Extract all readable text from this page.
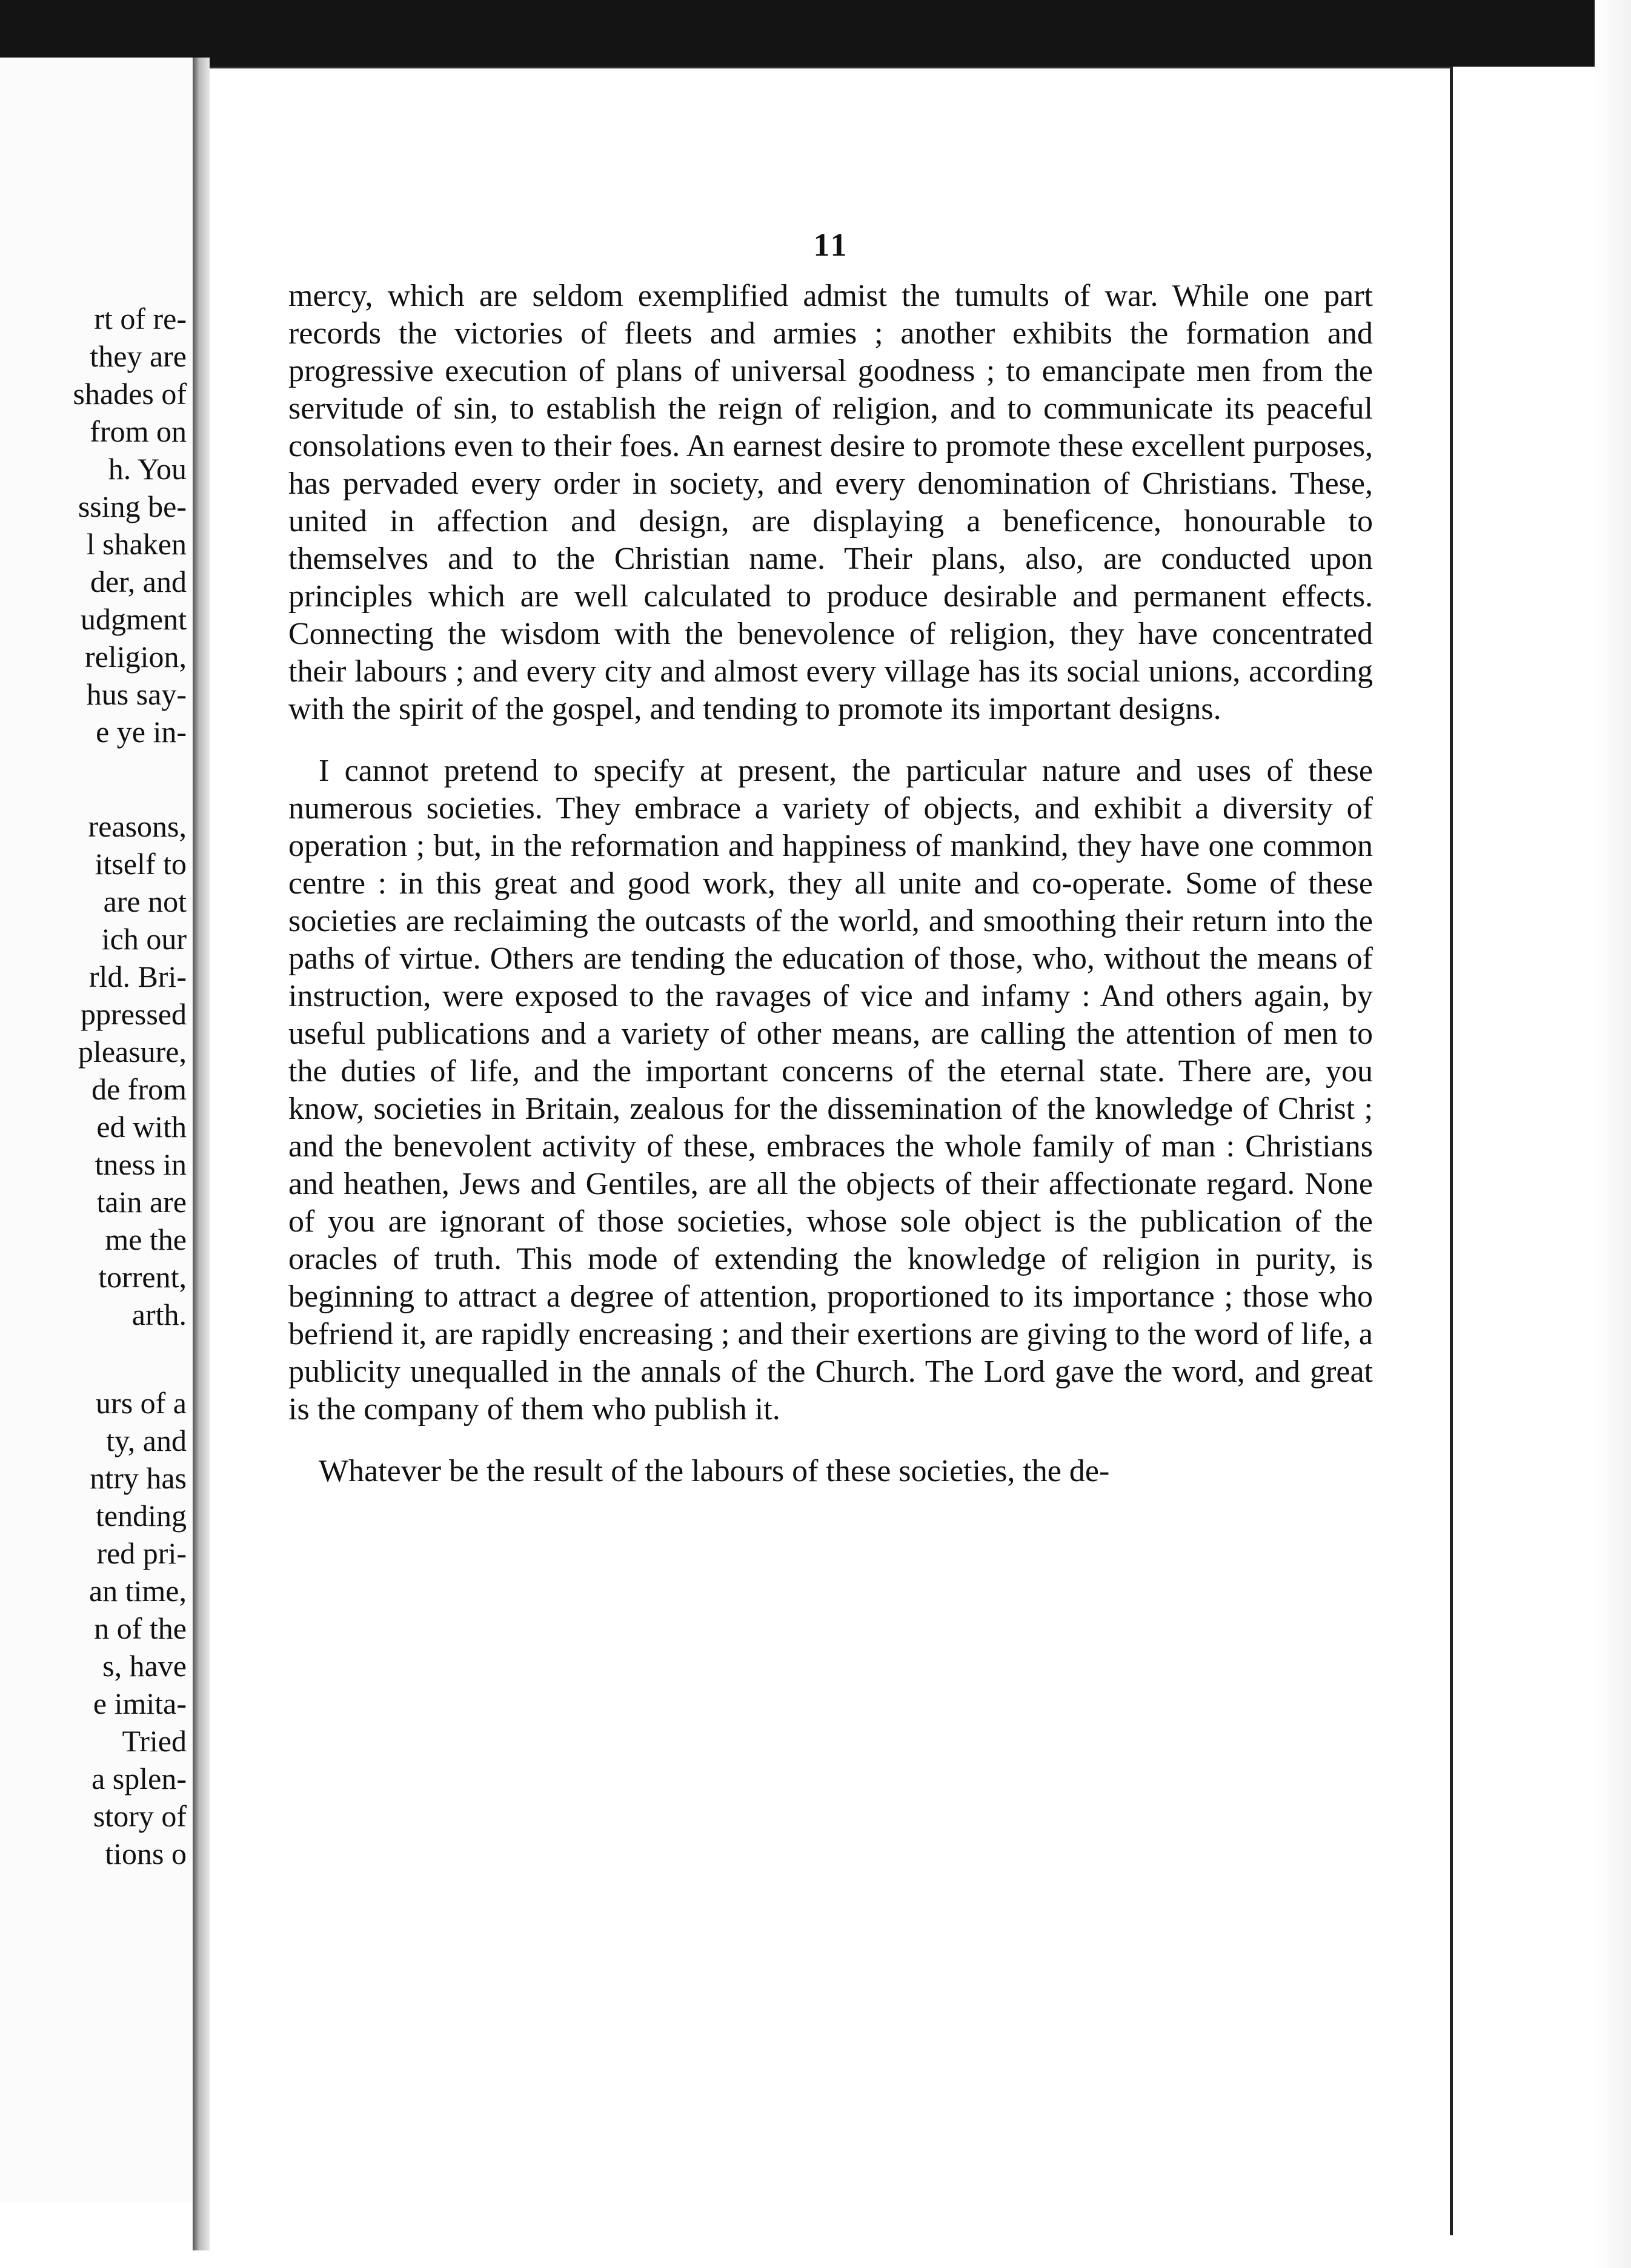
rt of re-
they are
shades of
from on
h. You
ssing be-
l shaken
der, and
udgment
religion,
hus say-
e ye in-
reasons,
itself to
are not
ich our
rld. Bri-
ppressed
pleasure,
de from
ed with
tness in
tain are
me the
torrent,
arth.
urs of a
ty, and
ntry has
tending
red pri-
an time,
n of the
s, have
e imita-
Tried
a splen-
story of
tions o
11

mercy, which are seldom exemplified admist the tumults of war. While one part records the victories of fleets and armies ; another exhibits the formation and progressive execution of plans of universal goodness ; to emancipate men from the servitude of sin, to establish the reign of religion, and to communicate its peaceful consolations even to their foes. An earnest desire to promote these excellent purposes, has pervaded every order in society, and every denomination of Christians. These, united in affection and design, are displaying a beneficence, honourable to themselves and to the Christian name. Their plans, also, are conducted upon principles which are well calculated to produce desirable and permanent effects. Connecting the wisdom with the benevolence of religion, they have concentrated their labours ; and every city and almost every village has its social unions, according with the spirit of the gospel, and tending to promote its important designs.

I cannot pretend to specify at present, the particular nature and uses of these numerous societies. They embrace a variety of objects, and exhibit a diversity of operation ; but, in the reformation and happiness of mankind, they have one common centre : in this great and good work, they all unite and co-operate. Some of these societies are reclaiming the outcasts of the world, and smoothing their return into the paths of virtue. Others are tending the education of those, who, without the means of instruction, were exposed to the ravages of vice and infamy : And others again, by useful publications and a variety of other means, are calling the attention of men to the duties of life, and the important concerns of the eternal state. There are, you know, societies in Britain, zealous for the dissemination of the knowledge of Christ ; and the benevolent activity of these, embraces the whole family of man : Christians and heathen, Jews and Gentiles, are all the objects of their affectionate regard. None of you are ignorant of those societies, whose sole object is the publication of the oracles of truth. This mode of extending the knowledge of religion in purity, is beginning to attract a degree of attention, proportioned to its importance ; those who befriend it, are rapidly encreasing ; and their exertions are giving to the word of life, a publicity unequalled in the annals of the Church. The Lord gave the word, and great is the company of them who publish it.

Whatever be the result of the labours of these societies, the de-
